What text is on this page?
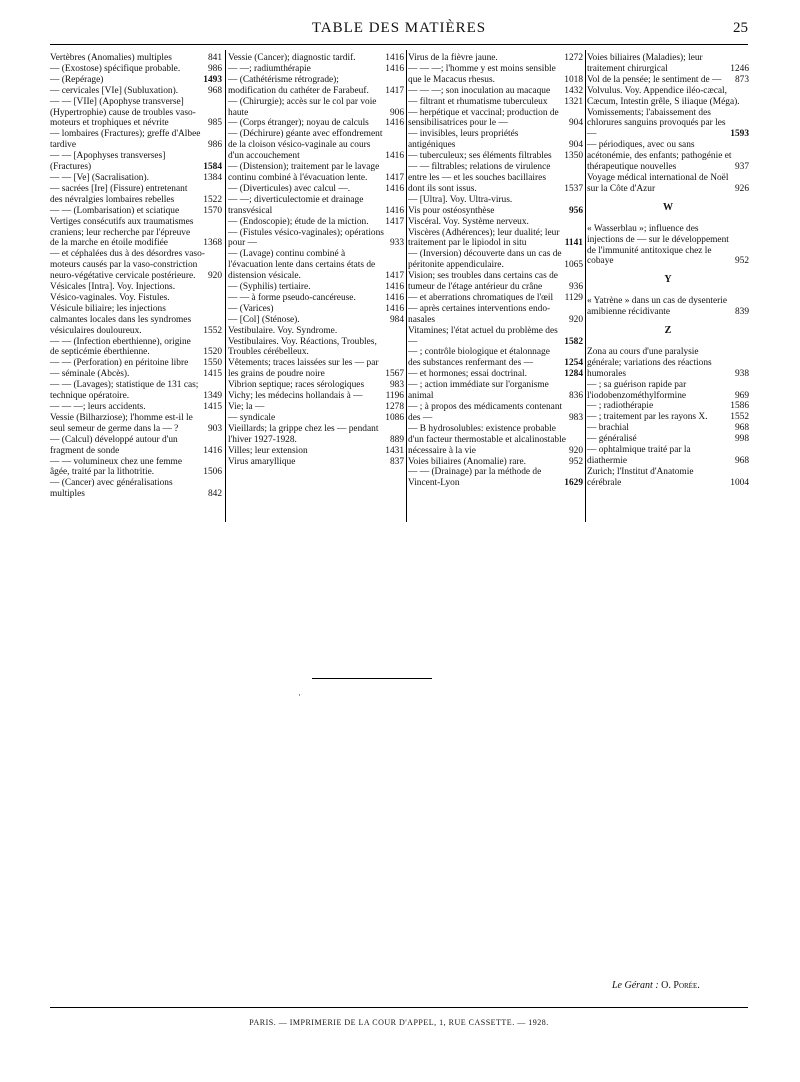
TABLE DES MATIÈRES	25
Vertèbres (Anomalies) multiples	841
— (Exostose) spécifique probable.	986
— (Repérage)	1493
— cervicales [VIe] (Subluxation).	968
— — [VIIe] (Apophyse transverse] (Hypertrophie) cause de troubles vaso-moteurs et trophiques et névrite	985
— lombaires (Fractures); greffe d'Albee tardive	986
— — [Apophyses transverses] (Fractures)	1584
— — [Ve] (Sacralisation).	1384
— sacrées [Ire] (Fissure) entretenant des névralgies lombaires rebelles	1522
— — (Lombarisation) et sciatique	1570
Vertiges consécutifs aux traumatismes craniens; leur recherche par l'épreuve de la marche en étoile modifiée	1368
— et céphalées dus à des désordres vaso-moteurs causés par la vaso-constriction neuro-végétative cervicale postérieure.	920
Vésicales [Intra]. Voy. Injections.
Vésico-vaginales. Voy. Fistules.
Vésicule biliaire; les injections calmantes locales dans les syndromes vésiculaires douloureux.	1552
— — (Infection eberthienne), origine de septicémie éberthienne.	1520
— — (Perforation) en péritoine libre	1550
— séminale (Abcès).	1415
— — (Lavages); statistique de 131 cas; technique opératoire.	1349
— — —; leurs accidents.	1415
Vessie (Bilharziose); l'homme est-il le seul semeur de germe dans la — ?	903
— (Calcul) développé autour d'un fragment de sonde	1416
— — volumineux chez une femme âgée, traité par la lithotritie.	1506
— (Cancer) avec généralisations multiples	842
Vessie (Cancer); diagnostic tardif.	1416
— —; radiumthérapie	1416
— (Cathétérisme rétrograde); modification du cathéter de Farabeuf.	1417
— (Chirurgie); accès sur le col par voie haute	906
— (Corps étranger); noyau de calculs	1416
— (Déchirure) géante avec effondrement de la cloison vésico-vaginale au cours d'un accouchement	1416
— (Distension); traitement par le lavage continu combiné à l'évacuation lente.	1417
— (Diverticules) avec calcul —.	1416
— —; diverticulectomie et drainage transvésical	1416
— (Endoscopie); étude de la miction.	1417
— (Fistules vésico-vaginales); opérations pour —	933
— (Lavage) continu combiné à l'évacuation lente dans certains états de distension vésicale.	1417
— (Syphilis) tertiaire.	1416
— — à forme pseudo-cancéreuse.	1416
— (Varices)	1416
— [Col] (Sténose).	984
Vestibulaire. Voy. Syndrome.
Vestibulaires. Voy. Réactions, Troubles, Troubles cérébelleux.
Vêtements; traces laissées sur les — par les grains de poudre noire	1567
Vibrion septique; races sérologiques	983
Vichy; les médecins hollandais à —	1196
Vie; la —	1278
— syndicale	1086
Vieillards; la grippe chez les — pendant l'hiver 1927-1928.	889
Villes; leur extension	1431
Virus amaryllique	837
Virus de la fièvre jaune.	1272
— — —; l'homme y est moins sensible que le Macacus rhesus.	1018
— — —; son inoculation au macaque	1432
— filtrant et rhumatisme tuberculeux	1321
— herpétique et vaccinal; production de sensibilisatrices pour le —	904
— invisibles, leurs propriétés antigéniques	904
— tuberculeux; ses éléments filtrables	1350
— — filtrables; relations de virulence entre les — et les souches bacillaires dont ils sont issus.	1537
— [Ultra]. Voy. Ultra-virus.
Vis pour ostéosynthèse	956
Viscéral. Voy. Système nerveux.
Viscères (Adhérences); leur dualité; leur traitement par le lipiodol in situ	1141
— (Inversion) découverte dans un cas de péritonite appendiculaire.	1065
Vision; ses troubles dans certains cas de tumeur de l'étage antérieur du crâne	936
— et aberrations chromatiques de l'œil	1129
— après certaines interventions endo-nasales	920
Vitamines; l'état actuel du problème des —	1582
— ; contrôle biologique et étalonnage des substances renfermant des —	1254
— et hormones; essai doctrinal.	1284
— ; action immédiate sur l'organisme animal	836
— ; à propos des médicaments contenant des —	983
— B hydrosolubles: existence probable d'un facteur thermostable et alcalinostable nécessaire à la vie	920
Voies biliaires (Anomalie) rare.	952
— — (Drainage) par la méthode de Vincent-Lyon	1629
Voies biliaires (Maladies); leur traitement chirurgical	1246
Vol de la pensée; le sentiment de —	873
Volvulus. Voy. Appendice iléo-cæcal, Cæcum, Intestin grêle, S iliaque (Méga).
Vomissements; l'abaissement des chlorures sanguins provoqués par les —	1593
— périodiques, avec ou sans acétonémie, des enfants; pathogénie et thérapeutique nouvelles	937
Voyage médical international de Noël sur la Côte d'Azur	926
W
« Wasserblau »; influence des injections de — sur le développement de l'immunité antitoxique chez le cobaye	952
Y
« Yatrène » dans un cas de dysenterie amibienne récidivante	839
Z
Zona au cours d'une paralysie générale; variations des réactions humorales	938
— ; sa guérison rapide par l'iodobenzométhylformine	969
— ; radiothérapie	1586
— ; traitement par les rayons X.	1552
— brachial	968
— généralisé	998
— ophtalmique traité par la diathermie	968
Zurich; l'Institut d'Anatomie cérébrale	1004
·
Le Gérant : O. Porée.
PARIS. — IMPRIMERIE DE LA COUR D'APPEL, 1, RUE CASSETTE. — 1928.
